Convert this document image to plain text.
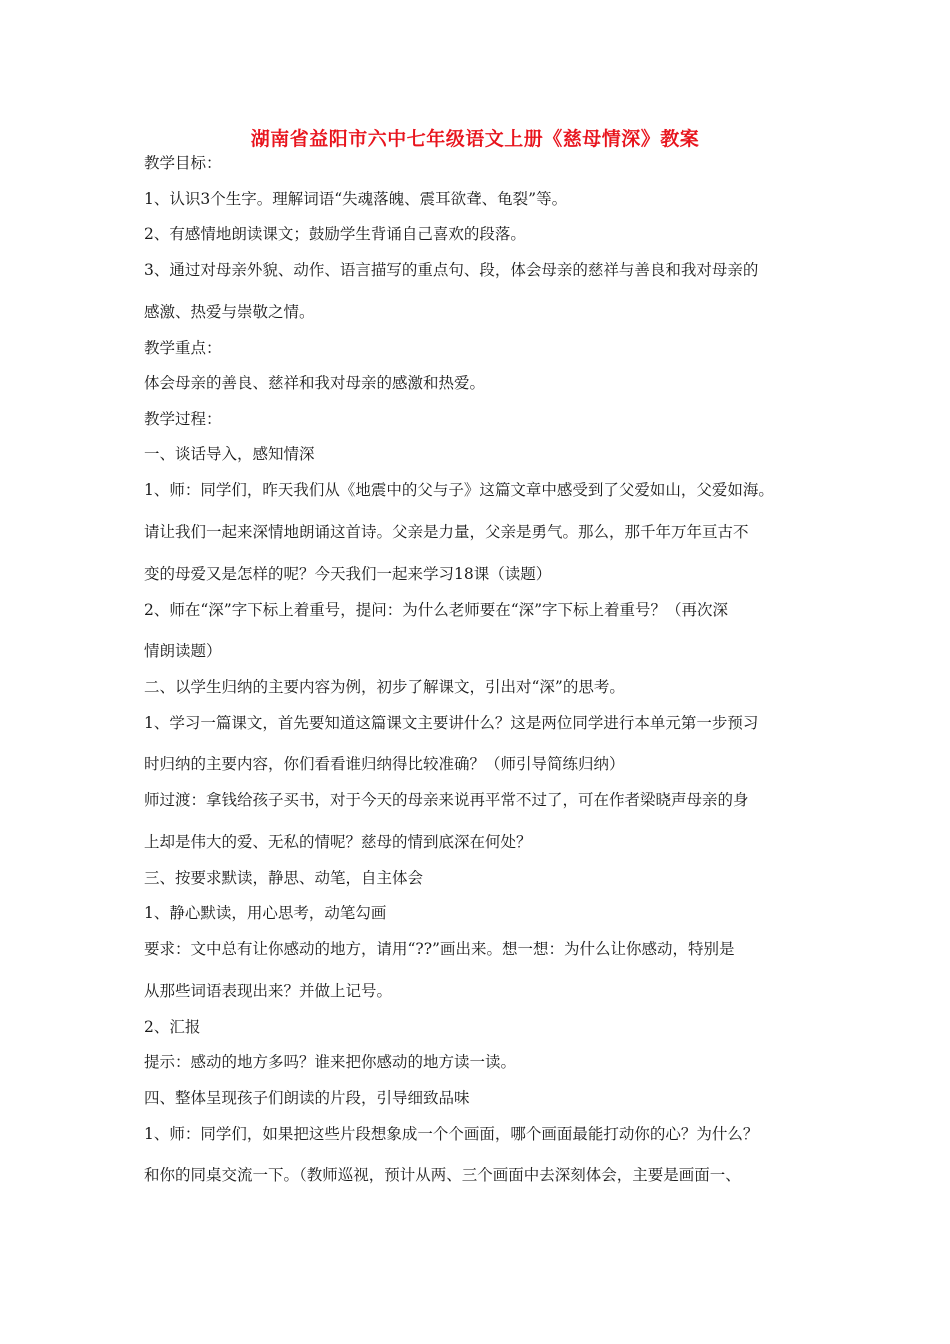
湖南省益阳市六中七年级语文上册《慈母情深》教案
教学目标：
1、认识3个生字。理解词语“失魂落魄、震耳欲聋、龟裂”等。
2、有感情地朗读课文；鼓励学生背诵自己喜欢的段落。
3、通过对母亲外貌、动作、语言描写的重点句、段，体会母亲的慈祥与善良和我对母亲的
感激、热爱与崇敬之情。
教学重点：
体会母亲的善良、慈祥和我对母亲的感激和热爱。
教学过程：
一、谈话导入，感知情深
1、师：同学们，昨天我们从《地震中的父与子》这篇文章中感受到了父爱如山，父爱如海。
请让我们一起来深情地朗诵这首诗。父亲是力量，父亲是勇气。那么，那千年万年亘古不
变的母爱又是怎样的呢？今天我们一起来学习18课（读题）
2、师在“深”字下标上着重号，提问：为什么老师要在“深”字下标上着重号？（再次深
情朗读题）
二、以学生归纳的主要内容为例，初步了解课文，引出对“深”的思考。
1、学习一篇课文，首先要知道这篇课文主要讲什么？这是两位同学进行本单元第一步预习
时归纳的主要内容，你们看看谁归纳得比较准确？（师引导简练归纳）
师过渡：拿钱给孩子买书，对于今天的母亲来说再平常不过了，可在作者梁晓声母亲的身
上却是伟大的爱、无私的情呢？慈母的情到底深在何处？
三、按要求默读，静思、动笔，自主体会
1、静心默读，用心思考，动笔勾画
要求：文中总有让你感动的地方，请用“??”画出来。想一想：为什么让你感动，特别是
从那些词语表现出来？并做上记号。
2、汇报
提示：感动的地方多吗？谁来把你感动的地方读一读。
四、整体呈现孩子们朗读的片段，引导细致品味
1、师：同学们，如果把这些片段想象成一个个画面，哪个画面最能打动你的心？为什么？
和你的同桌交流一下。（教师巡视，预计从两、三个画面中去深刻体会，主要是画面一、
